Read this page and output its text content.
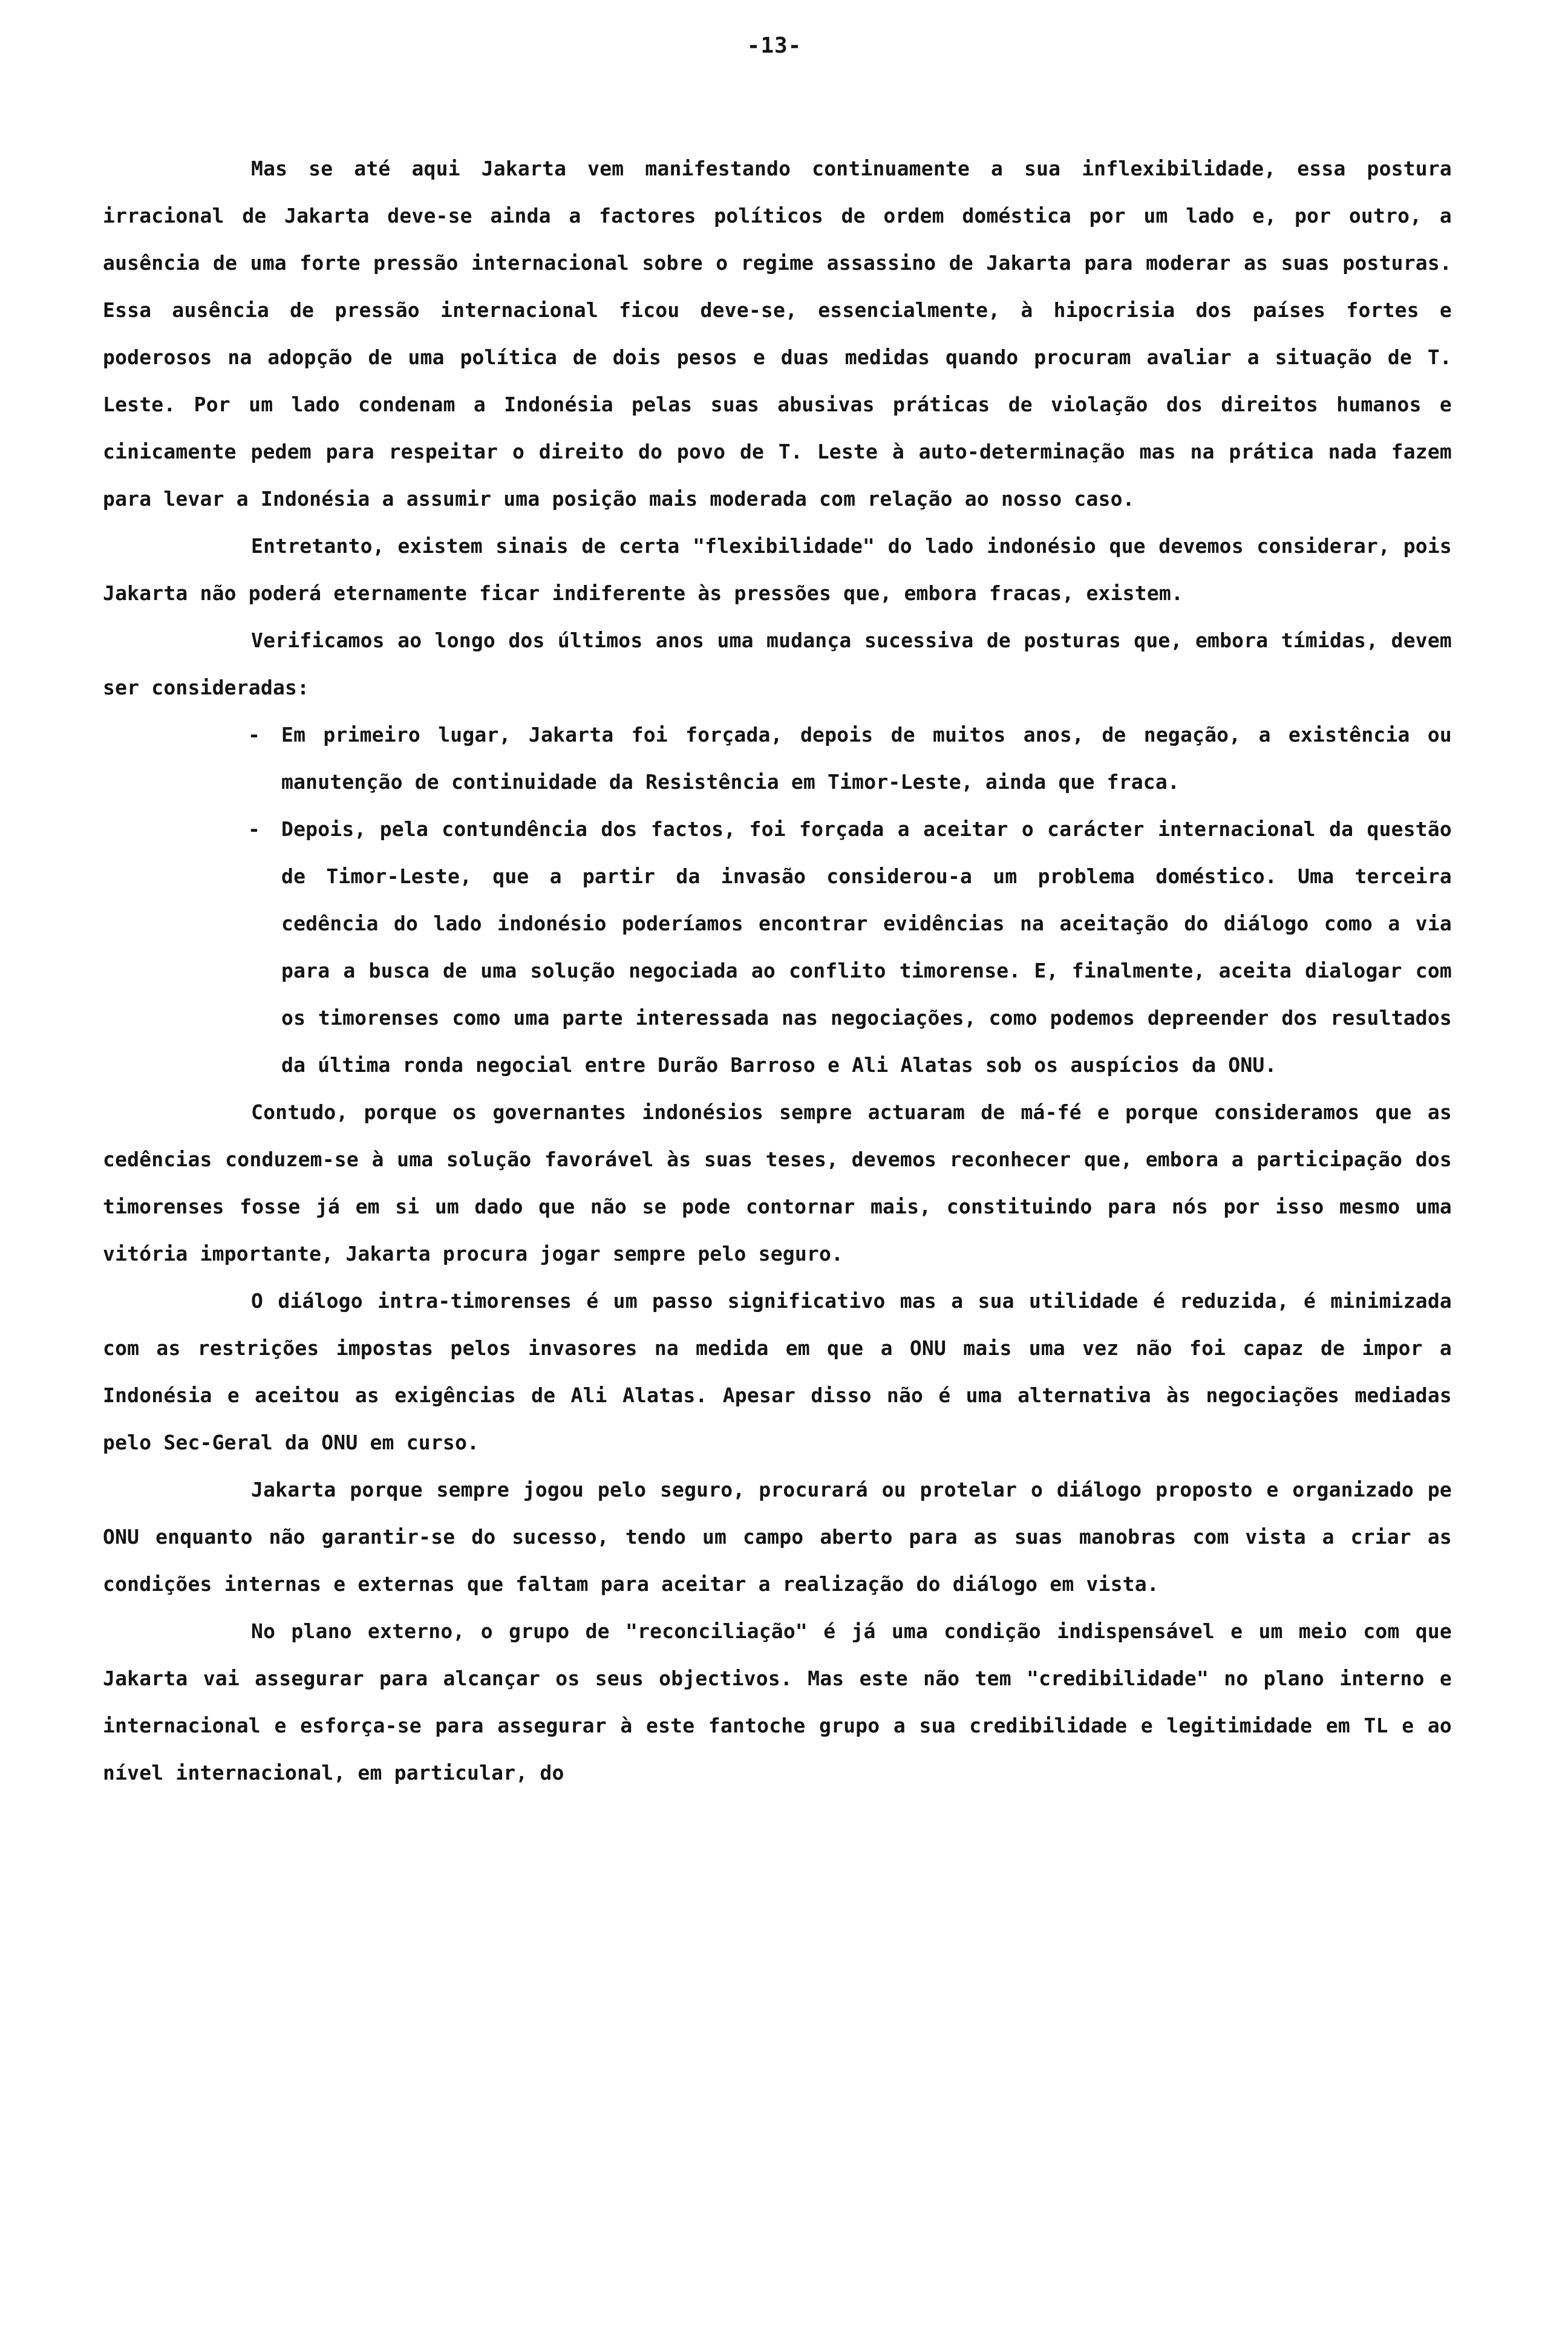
-13-

Mas se até aqui Jakarta vem manifestando continuamente a sua inflexibilidade, essa postura irracional de Jakarta deve-se ainda a factores políticos de ordem doméstica por um lado e, por outro, a ausência de uma forte pressão internacional sobre o regime assassino de Jakarta para moderar as suas posturas. Essa ausência de pressão internacional ficou deve-se, essencialmente, à hipocrisia dos países fortes e poderosos na adopção de uma política de dois pesos e duas medidas quando procuram avaliar a situação de T. Leste. Por um lado condenam a Indonésia pelas suas abusivas práticas de violação dos direitos humanos e cinicamente pedem para respeitar o direito do povo de T. Leste à auto-determinação mas na prática nada fazem para levar a Indonésia a assumir uma posição mais moderada com relação ao nosso caso.

Entretanto, existem sinais de certa "flexibilidade" do lado indonésio que devemos considerar, pois Jakarta não poderá eternamente ficar indiferente às pressões que, embora fracas, existem.

Verificamos ao longo dos últimos anos uma mudança sucessiva de posturas que, embora tímidas, devem ser consideradas:

- Em primeiro lugar, Jakarta foi forçada, depois de muitos anos, de negação, a existência ou manutenção de continuidade da Resistência em Timor-Leste, ainda que fraca.
- Depois, pela contundência dos factos, foi forçada a aceitar o carácter internacional da questão de Timor-Leste, que a partir da invasão considerou-a um problema doméstico. Uma terceira cedência do lado indonésio poderíamos encontrar evidências na aceitação do diálogo como a via para a busca de uma solução negociada ao conflito timorense. E, finalmente, aceita dialogar com os timorenses como uma parte interessada nas negociações, como podemos depreender dos resultados da última ronda negocial entre Durão Barroso e Ali Alatas sob os auspícios da ONU.

Contudo, porque os governantes indonésios sempre actuaram de má-fé e porque consideramos que as cedências conduzem-se à uma solução favorável às suas teses, devemos reconhecer que, embora a participação dos timorenses fosse já em si um dado que não se pode contornar mais, constituindo para nós por isso mesmo uma vitória importante, Jakarta procura jogar sempre pelo seguro.

O diálogo intra-timorenses é um passo significativo mas a sua utilidade é reduzida, é minimizada com as restrições impostas pelos invasores na medida em que a ONU mais uma vez não foi capaz de impor a Indonésia e aceitou as exigências de Ali Alatas. Apesar disso não é uma alternativa às negociações mediadas pelo Sec-Geral da ONU em curso.

Jakarta porque sempre jogou pelo seguro, procurará ou protelar o diálogo proposto e organizado pe ONU enquanto não garantir-se do sucesso, tendo um campo aberto para as suas manobras com vista a criar as condições internas e externas que faltam para aceitar a realização do diálogo em vista.

No plano externo, o grupo de "reconciliação" é já uma condição indispensável e um meio com que Jakarta vai assegurar para alcançar os seus objectivos. Mas este não tem "credibilidade" no plano interno e internacional e esforça-se para assegurar à este fantoche grupo a sua credibilidade e legitimidade em TL e ao nível internacional, em particular, do
